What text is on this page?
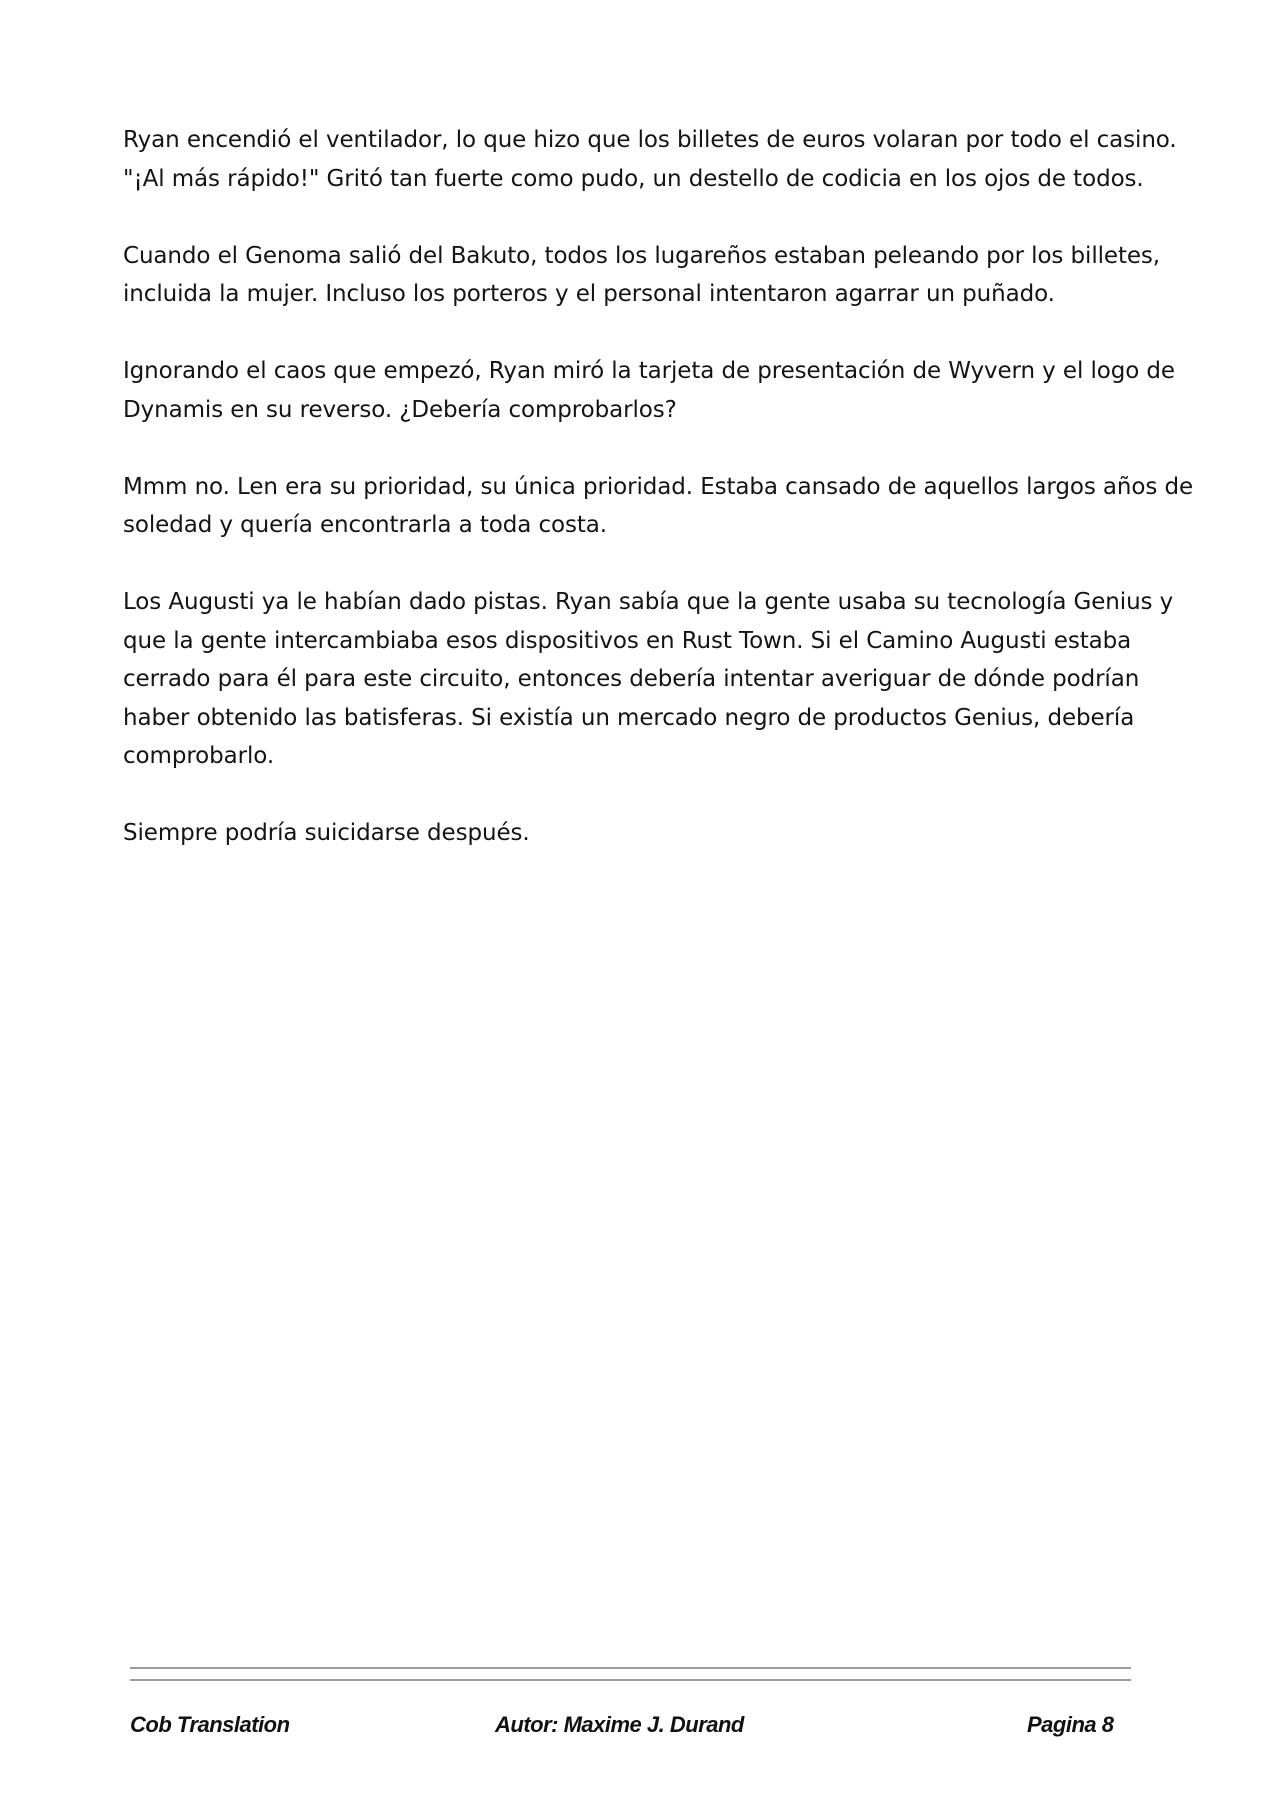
Ryan encendió el ventilador, lo que hizo que los billetes de euros volaran por todo el casino.
"¡Al más rápido!" Gritó tan fuerte como pudo, un destello de codicia en los ojos de todos.

Cuando el Genoma salió del Bakuto, todos los lugareños estaban peleando por los billetes,
incluida la mujer. Incluso los porteros y el personal intentaron agarrar un puñado.

Ignorando el caos que empezó, Ryan miró la tarjeta de presentación de Wyvern y el logo de
Dynamis en su reverso. ¿Debería comprobarlos?

Mmm no. Len era su prioridad, su única prioridad. Estaba cansado de aquellos largos años de
soledad y quería encontrarla a toda costa.

Los Augusti ya le habían dado pistas. Ryan sabía que la gente usaba su tecnología Genius y
que la gente intercambiaba esos dispositivos en Rust Town. Si el Camino Augusti estaba
cerrado para él para este circuito, entonces debería intentar averiguar de dónde podrían
haber obtenido las batisferas. Si existía un mercado negro de productos Genius, debería
comprobarlo.

Siempre podría suicidarse después.

Cob Translation	Autor: Maxime J. Durand	Pagina 8
